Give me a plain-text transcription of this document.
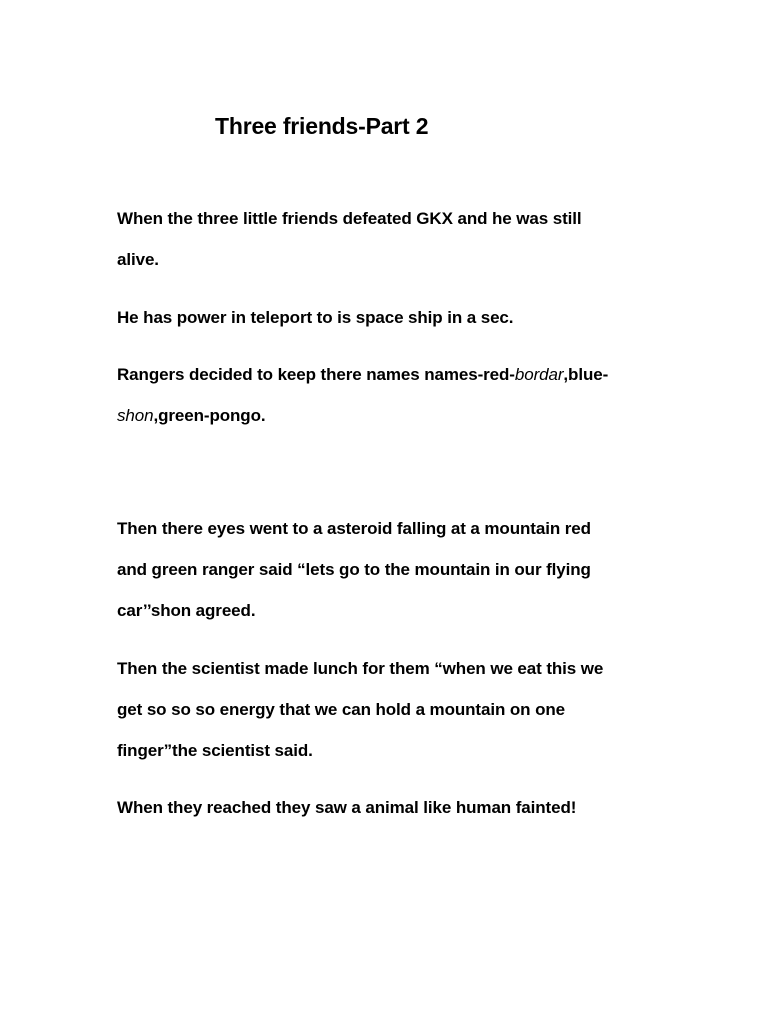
Three friends-Part 2
When the three little friends defeated GKX and he was still
alive.
He has power in teleport to is space ship in a sec.
Rangers decided to keep there names names-red-bordar,blue-
shon,green-pongo.
Then there eyes went to a asteroid falling at a mountain red
and green ranger said “lets go to the mountain in our flying
car’’shon agreed.
Then the scientist made lunch for them “when we eat this we
get so so so energy that we can hold a mountain on one
finger”the scientist said.
When they reached they saw a animal like human fainted!
